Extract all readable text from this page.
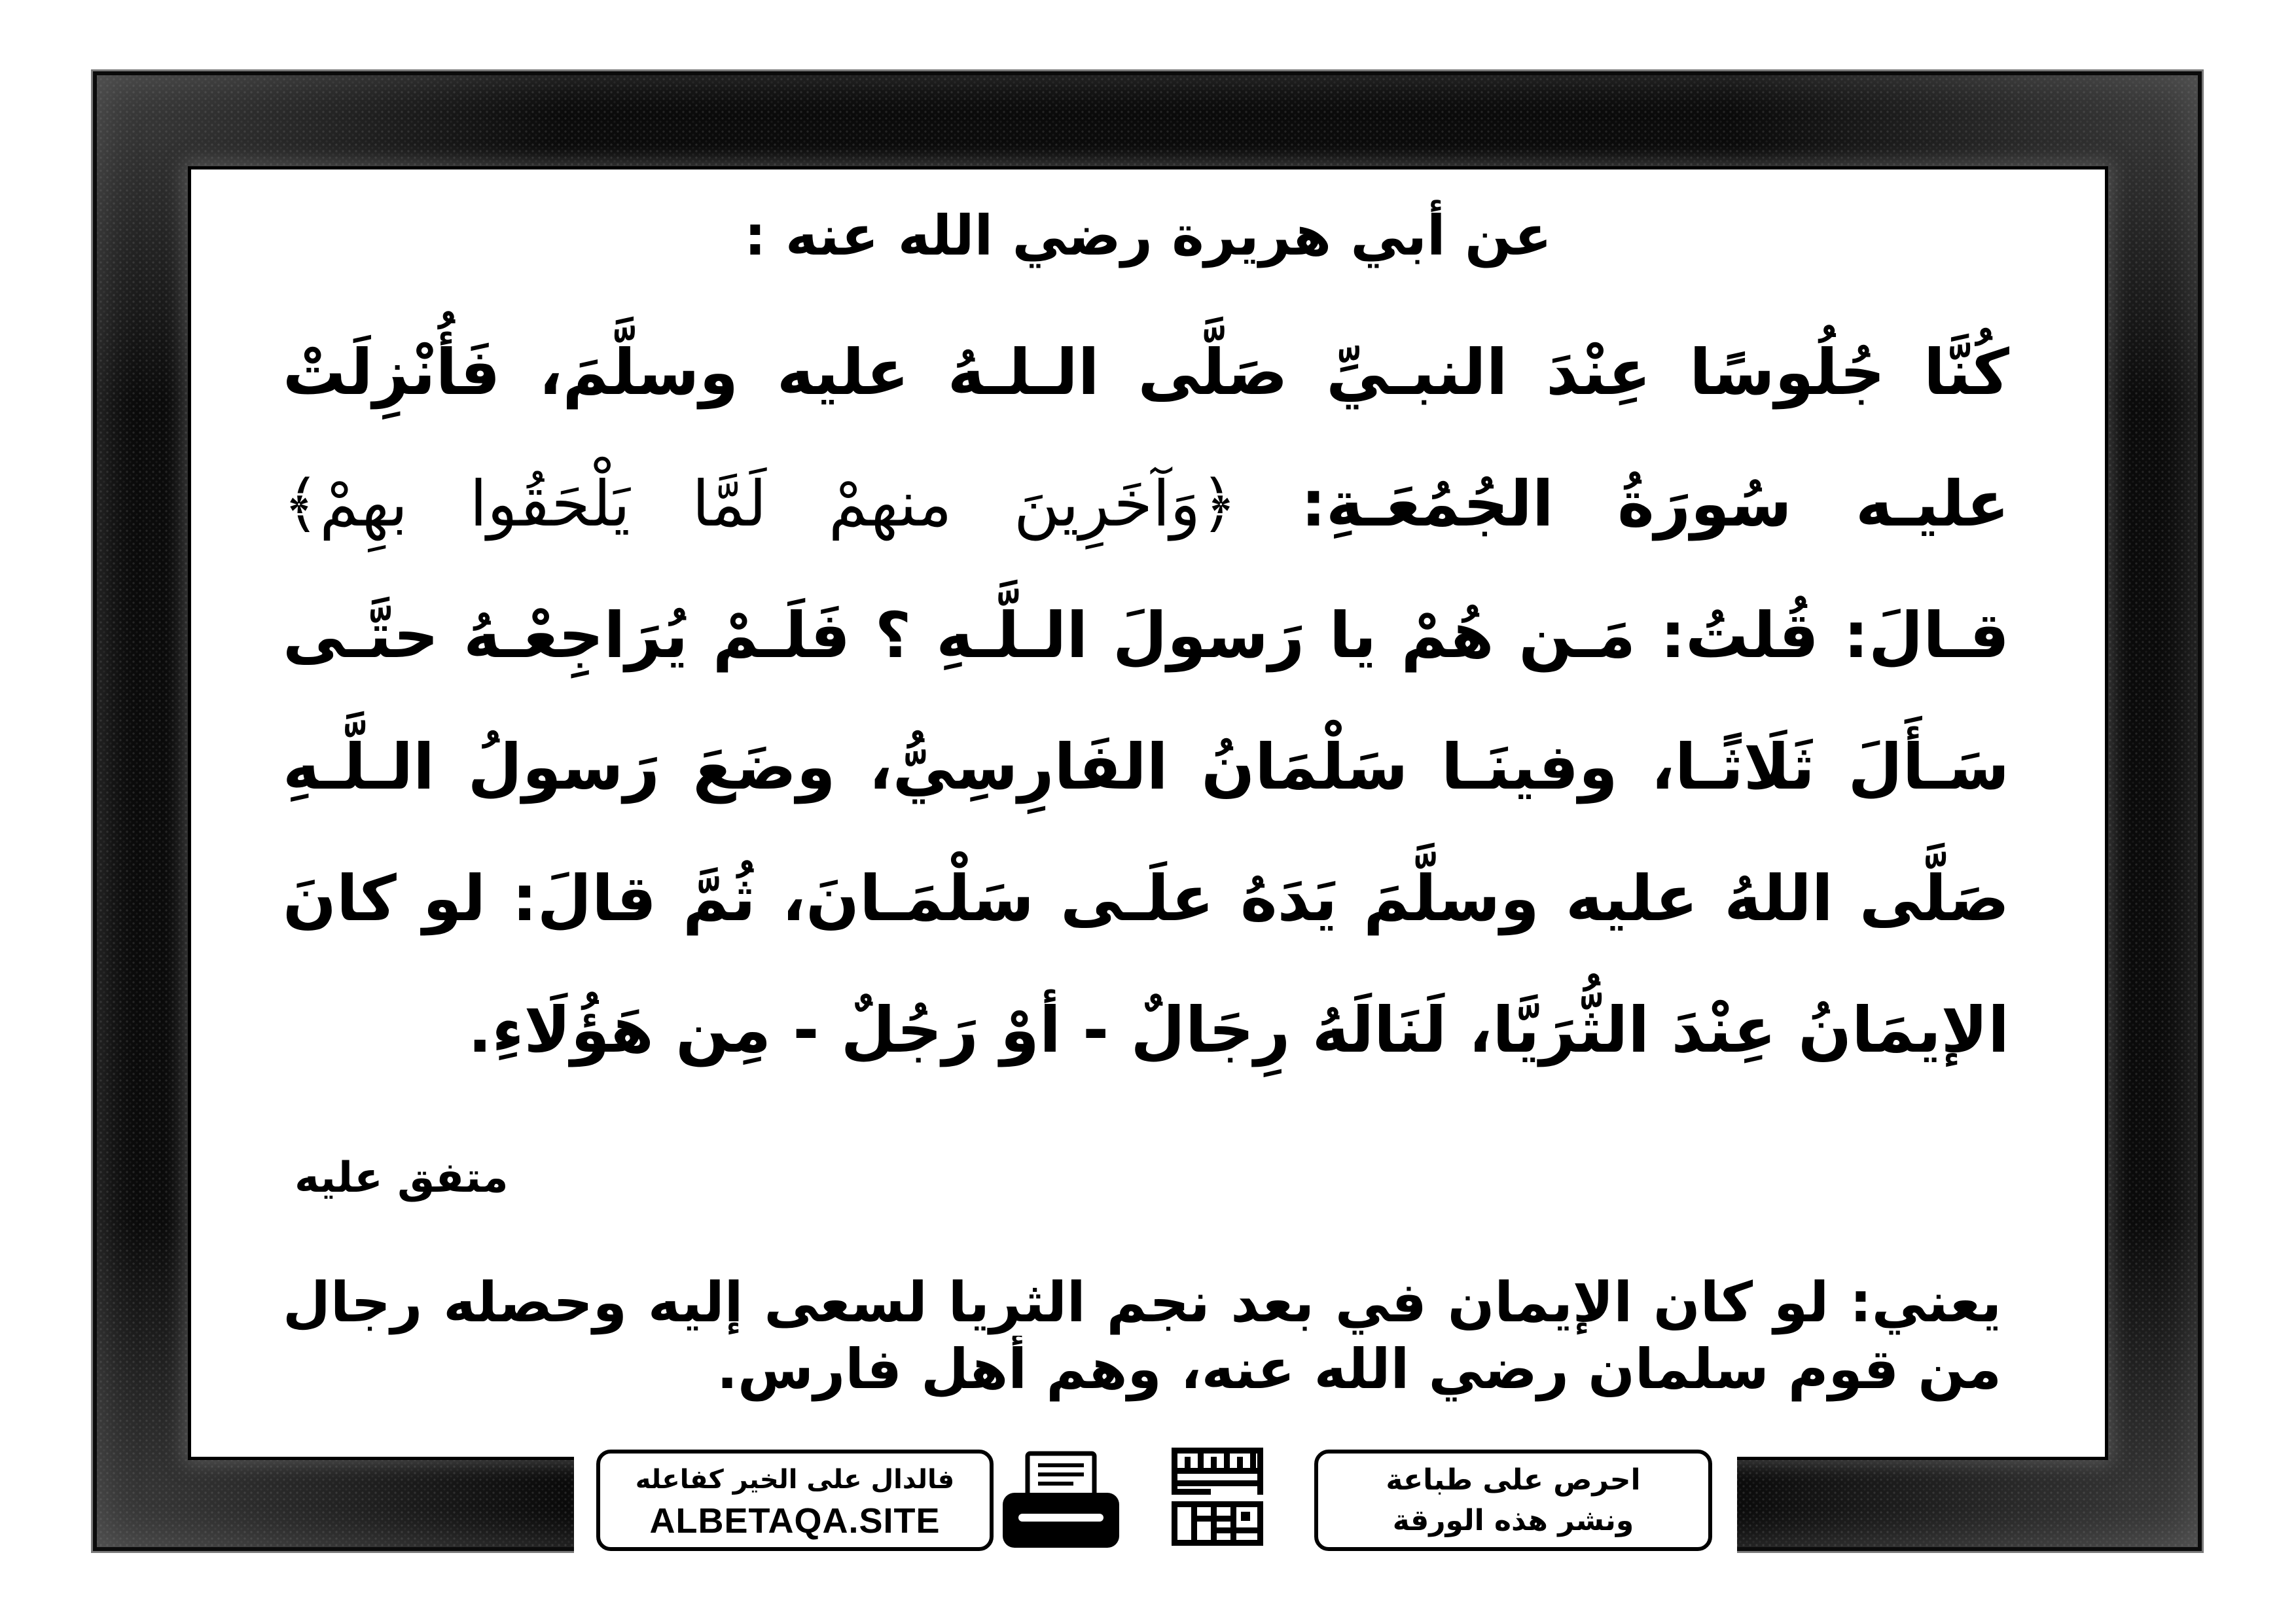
عن أبي هريرة رضي الله عنه :
كُنَّا جُلُوسًا عِنْدَ النبـيِّ صَلَّى الـلـهُ عليه وسلَّمَ، فَأُنْزِلَتْ
عليـه سُورَةُ الجُمُعَـةِ: ﴿وَآخَرِينَ منهمْ لَمَّا يَلْحَقُوا بهِمْ﴾
قـالَ: قُلتُ: مَـن هُمْ يا رَسولَ الـلَّـهِ ؟ فَلَـمْ يُرَاجِعْـهُ حتَّـى
سَـأَلَ ثَلَاثًـا، وفينَـا سَلْمَانُ الفَارِسِيُّ، وضَعَ رَسولُ الـلَّـهِ
صَلَّى اللهُ عليه وسلَّمَ يَدَهُ علَـى سَلْمَـانَ، ثُمَّ قالَ: لو كانَ
الإيمَانُ عِنْدَ الثُّرَيَّا، لَنَالَهُ رِجَالٌ - أوْ رَجُلٌ - مِن هَؤُلَاءِ.
متفق عليه
يعني: لو كان الإيمان في بعد نجم الثريا لسعى إليه وحصله رجال
من قوم سلمان رضي الله عنه، وهم أهل فارس.
فالدال على الخير كفاعله
ALBETAQA.SITE
احرص على طباعة
ونشر هذه الورقة
